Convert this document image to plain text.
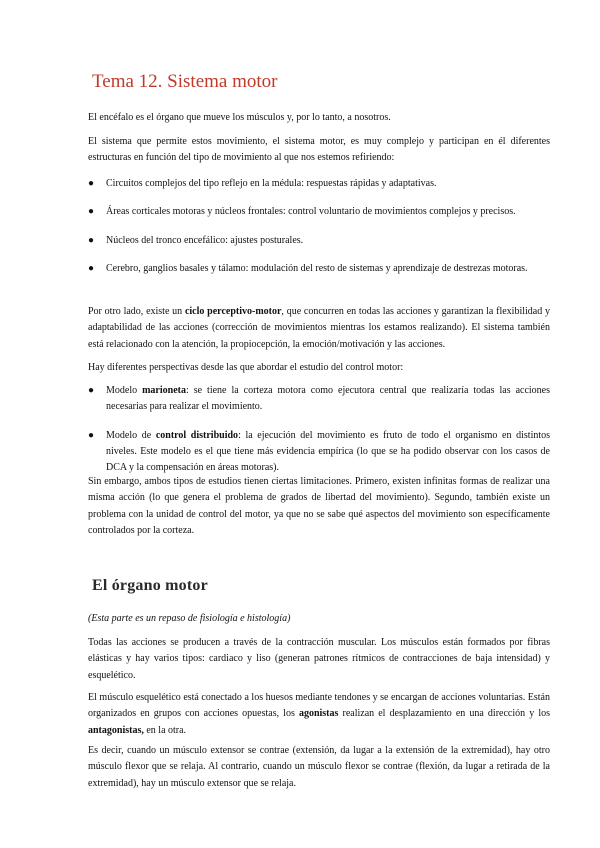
Tema 12. Sistema motor

El encéfalo es el órgano que mueve los músculos y, por lo tanto, a nosotros.

El sistema que permite estos movimiento, el sistema motor, es muy complejo y participan en él diferentes estructuras en función del tipo de movimiento al que nos estemos refiriendo:

● Circuitos complejos del tipo reflejo en la médula: respuestas rápidas y adaptativas.
● Áreas corticales motoras y núcleos frontales: control voluntario de movimientos complejos y precisos.
● Núcleos del tronco encefálico: ajustes posturales.
● Cerebro, ganglios basales y tálamo: modulación del resto de sistemas y aprendizaje de destrezas motoras.

Por otro lado, existe un ciclo perceptivo-motor, que concurren en todas las acciones y garantizan la flexibilidad y adaptabilidad de las acciones (corrección de movimientos mientras los estamos realizando). El sistema también está relacionado con la atención, la propiocepción, la emoción/motivación y las acciones.

Hay diferentes perspectivas desde las que abordar el estudio del control motor:

● Modelo marioneta: se tiene la corteza motora como ejecutora central que realizaría todas las acciones necesarias para realizar el movimiento.
● Modelo de control distribuido: la ejecución del movimiento es fruto de todo el organismo en distintos niveles. Este modelo es el que tiene más evidencia empírica (lo que se ha podido observar con los casos de DCA y la compensación en áreas motoras).

Sin embargo, ambos tipos de estudios tienen ciertas limitaciones. Primero, existen infinitas formas de realizar una misma acción (lo que genera el problema de grados de libertad del movimiento). Segundo, también existe un problema con la unidad de control del motor, ya que no se sabe qué aspectos del movimiento son específicamente controlados por la corteza.

El órgano motor

(Esta parte es un repaso de fisiología e histología)

Todas las acciones se producen a través de la contracción muscular. Los músculos están formados por fibras elásticas y hay varios tipos: cardiaco y liso (generan patrones rítmicos de contracciones de baja intensidad) y esquelético.

El músculo esquelético está conectado a los huesos mediante tendones y se encargan de acciones voluntarias. Están organizados en grupos con acciones opuestas, los agonistas realizan el desplazamiento en una dirección y los antagonistas, en la otra.

Es decir, cuando un músculo extensor se contrae (extensión, da lugar a la extensión de la extremidad), hay otro músculo flexor que se relaja. Al contrario, cuando un músculo flexor se contrae (flexión, da lugar a retirada de la extremidad), hay un músculo extensor que se relaja.
